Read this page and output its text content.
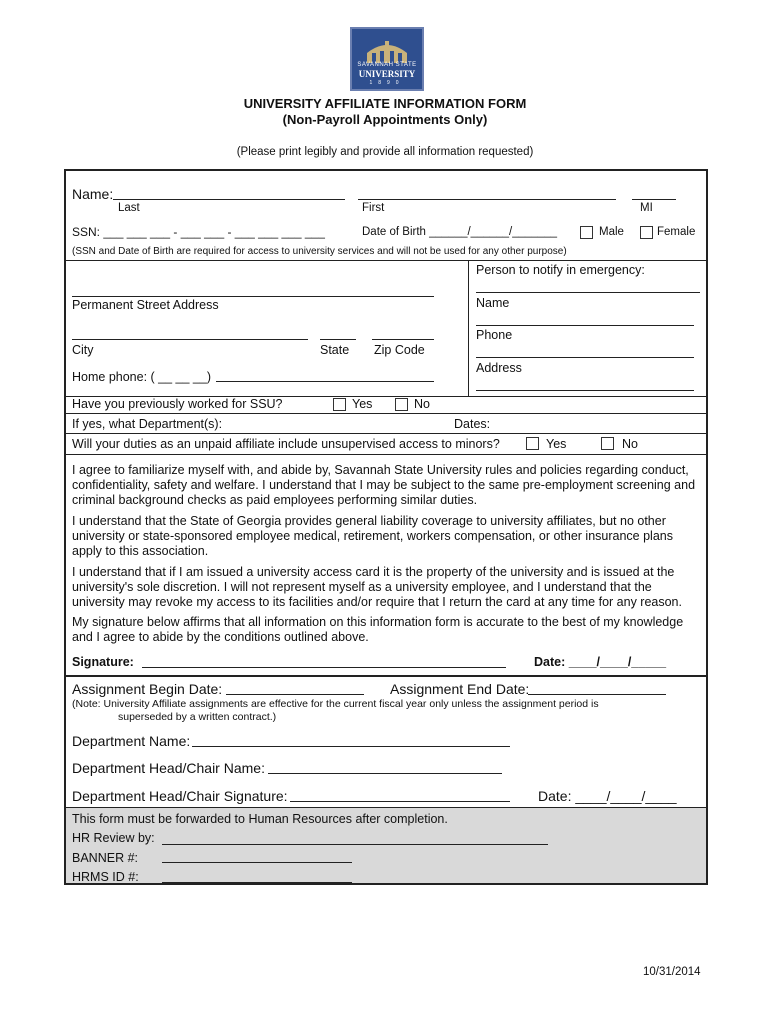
SAVANNAH STATE
UNIVERSITY
1890
UNIVERSITY AFFILIATE INFORMATION FORM
(Non-Payroll Appointments Only)
(Please print legibly and provide all information requested)
Name:
Last	First	MI
SSN: ___ ___ ___ - ___ ___ - ___ ___ ___ ___	Date of Birth ______/______/_______	Male	Female
(SSN and Date of Birth are required for access to university services and will not be used for any other purpose)
Permanent Street Address
City	State Zip Code
Home phone: ( __ __ __)
Person to notify in emergency:
Name
Phone
Address
Have you previously worked for SSU?	Yes	No
If yes, what Department(s):	Dates:
Will your duties as an unpaid affiliate include unsupervised access to minors?	Yes	No
I agree to familiarize myself with, and abide by, Savannah State University rules and policies regarding conduct, confidentiality, safety and welfare. I understand that I may be subject to the same pre-employment screening and criminal background checks as paid employees performing similar duties.
I understand that the State of Georgia provides general liability coverage to university affiliates, but no other university or state-sponsored employee medical, retirement, workers compensation, or other insurance plans apply to this association.
I understand that if I am issued a university access card it is the property of the university and is issued at the university's sole discretion. I will not represent myself as a university employee, and I understand that the university may revoke my access to its facilities and/or require that I return the card at any time for any reason.
My signature below affirms that all information on this information form is accurate to the best of my knowledge and I agree to abide by the conditions outlined above.
Signature:	Date: ____/____/_____
Assignment Begin Date:	Assignment End Date:
(Note: University Affiliate assignments are effective for the current fiscal year only unless the assignment period is
superseded by a written contract.)
Department Name:
Department Head/Chair Name:
Department Head/Chair Signature:	Date: ____/____/____
This form must be forwarded to Human Resources after completion.
HR Review by:
BANNER #:
HRMS ID #:
10/31/2014
